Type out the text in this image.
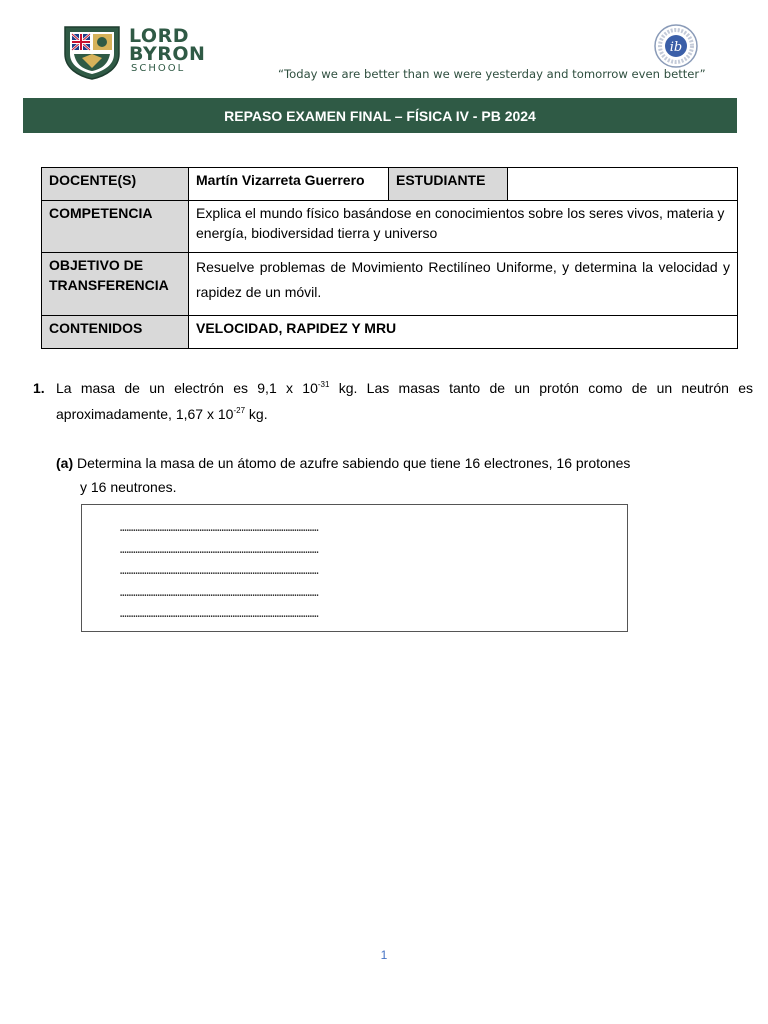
LORD
BYRON
SCHOOL
ib
“Today we are better than we were yesterday and tomorrow even better”
REPASO EXAMEN FINAL – FÍSICA IV - PB 2024
DOCENTE(S)	Martín Vizarreta Guerrero	ESTUDIANTE	
COMPETENCIA	Explica el mundo físico basándose en conocimientos sobre los seres vivos, materia y energía, biodiversidad tierra y universo		

OBJETIVO DE
TRANSFERENCIA	Resuelve problemas de Movimiento Rectilíneo Uniforme, y determina la velocidad y rapidez de un móvil.		
CONTENIDOS	VELOCIDAD, RAPIDEZ Y MRU		
1. La masa de un electrón es 9,1 x $10^{-31}$ kg. Las masas tanto de un protón como de un neutrón es aproximadamente, 1,67 x $10^{-27}$ kg.
(a) Determina la masa de un átomo de azufre sabiendo que tiene 16 electrones, 16 protones
y 16 neutrones.
………………………………………………………………………………
………………………………………………………………………………
………………………………………………………………………………
………………………………………………………………………………
………………………………………………………………………………
1
